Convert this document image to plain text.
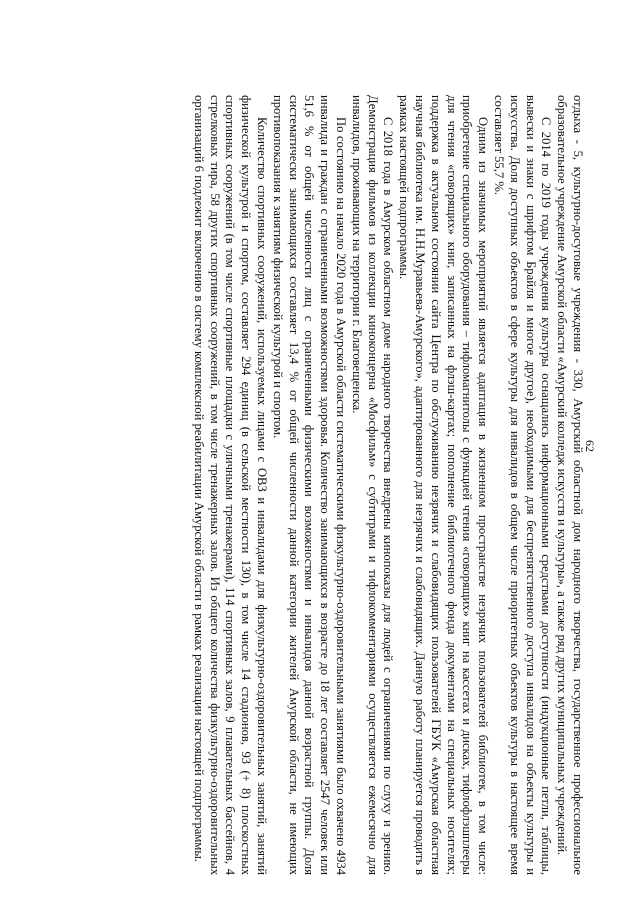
62

отдыха - 5, культурно-досуговые учреждения - 330, Амурский областной дом народного творчества, государственное профессиональное образовательное учреждение Амурской области «Амурский колледж искусств и культуры», а также ряд других муниципальных учреждений.

С 2014 по 2019 годы учреждения культуры оснащались информационными средствами доступности (индукционные петли, таблицы, вывески и знаки с шрифтом Брайля и многое другое), необходимыми для беспрепятственного доступа инвалидов на объекты культуры и искусства. Доля доступных объектов в сфере культуры для инвалидов в общем числе приоритетных объектов культуры в настоящее время составляет 55,7 %.

Одним из значимых мероприятий является адаптация в жизненном пространстве незрячих пользователей библиотек, в том числе: приобретение специального оборудования – тифломагнитолы с функцией чтения «говорящих» книг на кассетах и дисках, тифлофлэшплееры для чтения «говорящих» книг, записанных на флэш-картах; пополнение библиотечного фонда документами на специальных носителях; поддержка в актуальном состоянии сайта Центра по обслуживанию незрячих и слабовидящих пользователей ГБУК «Амурская областная научная библиотека им. Н.Н.Муравьева-Амурского», адаптированного для незрячих и слабовидящих. Данную работу планируется проводить в рамках настоящей подпрограммы.

С 2018 года в Амурском областном доме народного творчества внедрены кинопоказы для людей с ограничениями по слуху и зрению. Демонстрация фильмов из коллекции киноконцерна «Мосфильм» с субтитрами и тифлокомментариями осуществляется ежемесячно для инвалидов, проживающих на территории г. Благовещенска.

По состоянию на начало 2020 года в Амурской области систематическими физкультурно-оздоровительными занятиями было охвачено 4934 инвалида и граждан с ограниченными возможностями здоровья. Количество занимающихся в возрасте до 18 лет составляет 2547 человек или 51,6 % от общей численности лиц с ограниченными физическими возможностями и инвалидов данной возрастной группы. Доля систематически занимающихся составляет 13,4 % от общей численности данной категории жителей Амурской области, не имеющих противопоказания к занятиям физической культурой и спортом.

Количество спортивных сооружений, используемых лицами с ОВЗ и инвалидами для физкультурно-оздоровительных занятий, занятий физической культурой и спортом, составляет 294 единиц (в сельской местности 130), в том числе 14 стадионов, 93 (+ 8) плоскостных спортивных сооружений (в том числе спортивные площадки с уличными тренажерами), 114 спортивных залов, 9 плавательных бассейнов, 4 стрелковых тира, 58 других спортивных сооружений, в том числе тренажерных залов. Из общего количества физкультурно-оздоровительных организаций 6 подлежит включению в систему комплексной реабилитации Амурской области в рамках реализации настоящей подпрограммы.
